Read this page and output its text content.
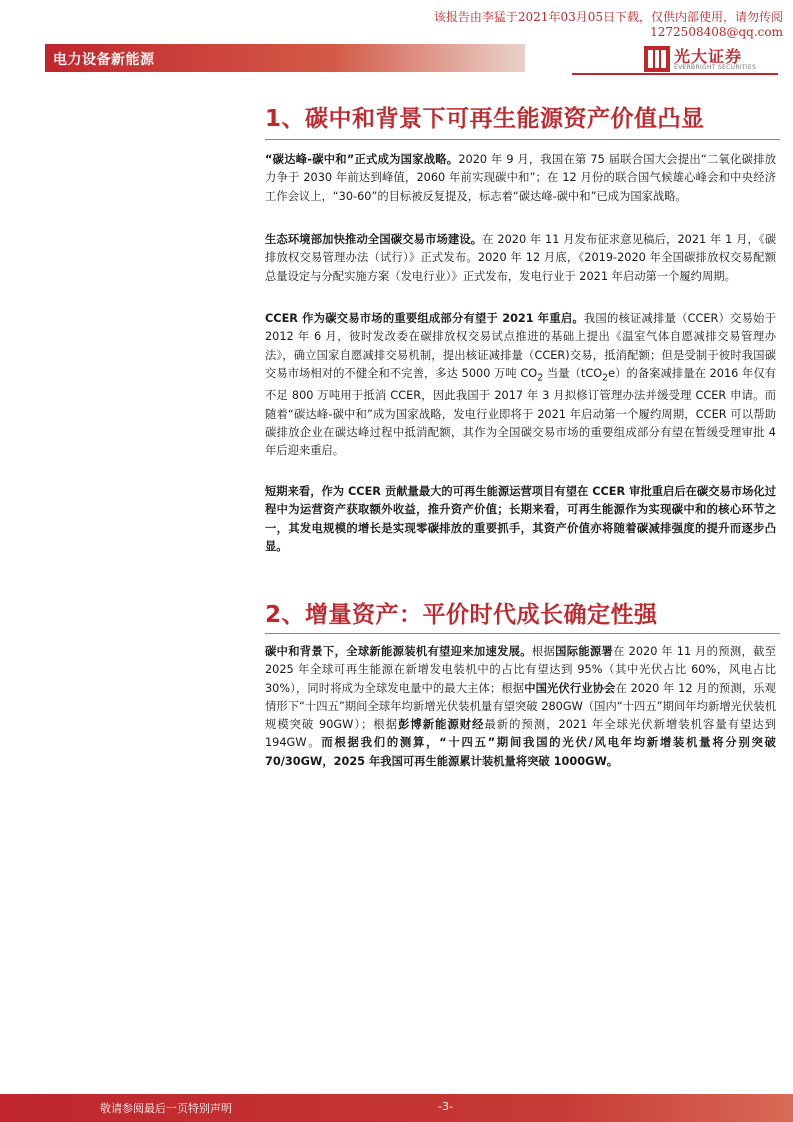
该报告由李猛于2021年03月05日下载，仅供内部使用，请勿传阅
1272508408@qq.com
电力设备新能源	光大证券
EVERBRIGHT SECURITIES
1、碳中和背景下可再生能源资产价值凸显

“碳达峰-碳中和”正式成为国家战略。2020 年 9 月，我国在第 75 届联合国大会提出“二氧化碳排放力争于 2030 年前达到峰值，2060 年前实现碳中和”；在 12 月份的联合国气候雄心峰会和中央经济工作会议上，“30-60”的目标被反复提及，标志着“碳达峰-碳中和”已成为国家战略。

生态环境部加快推动全国碳交易市场建设。在 2020 年 11 月发布征求意见稿后，2021 年 1 月，《碳排放权交易管理办法（试行）》正式发布。2020 年 12 月底，《2019-2020 年全国碳排放权交易配额总量设定与分配实施方案（发电行业）》正式发布，发电行业于 2021 年启动第一个履约周期。

CCER 作为碳交易市场的重要组成部分有望于 2021 年重启。我国的核证减排量（CCER）交易始于 2012 年 6 月，彼时发改委在碳排放权交易试点推进的基础上提出《温室气体自愿减排交易管理办法》，确立国家自愿减排交易机制，提出核证减排量（CCER)交易，抵消配额；但是受制于彼时我国碳交易市场相对的不健全和不完善，多达 5000 万吨 $CO_2$ 当量（tCO$_2$e）的备案减排量在 2016 年仅有不足 800 万吨用于抵消 CCER，因此我国于 2017 年 3 月拟修订管理办法并缓受理 CCER 申请。而随着“碳达峰-碳中和”成为国家战略，发电行业即将于 2021 年启动第一个履约周期，CCER 可以帮助碳排放企业在碳达峰过程中抵消配额，其作为全国碳交易市场的重要组成部分有望在暂缓受理审批 4 年后迎来重启。

短期来看，作为 CCER 贡献量最大的可再生能源运营项目有望在 CCER 审批重启后在碳交易市场化过程中为运营资产获取额外收益，推升资产价值；长期来看，可再生能源作为实现碳中和的核心环节之一，其发电规模的增长是实现零碳排放的重要抓手，其资产价值亦将随着碳减排强度的提升而逐步凸显。

2、增量资产：平价时代成长确定性强

碳中和背景下，全球新能源装机有望迎来加速发展。根据国际能源署在 2020 年 11 月的预测，截至 2025 年全球可再生能源在新增发电装机中的占比有望达到 95%（其中光伏占比 60%，风电占比 30%），同时将成为全球发电量中的最大主体；根据中国光伏行业协会在 2020 年 12 月的预测，乐观情形下“十四五”期间全球年均新增光伏装机量有望突破 280GW（国内“十四五”期间年均新增光伏装机规模突破 90GW）；根据彭博新能源财经最新的预测，2021 年全球光伏新增装机容量有望达到 194GW。而根据我们的测算，“十四五”期间我国的光伏/风电年均新增装机量将分别突破 70/30GW，2025 年我国可再生能源累计装机量将突破 1000GW。

敬请参阅最后一页特别声明	-3-
